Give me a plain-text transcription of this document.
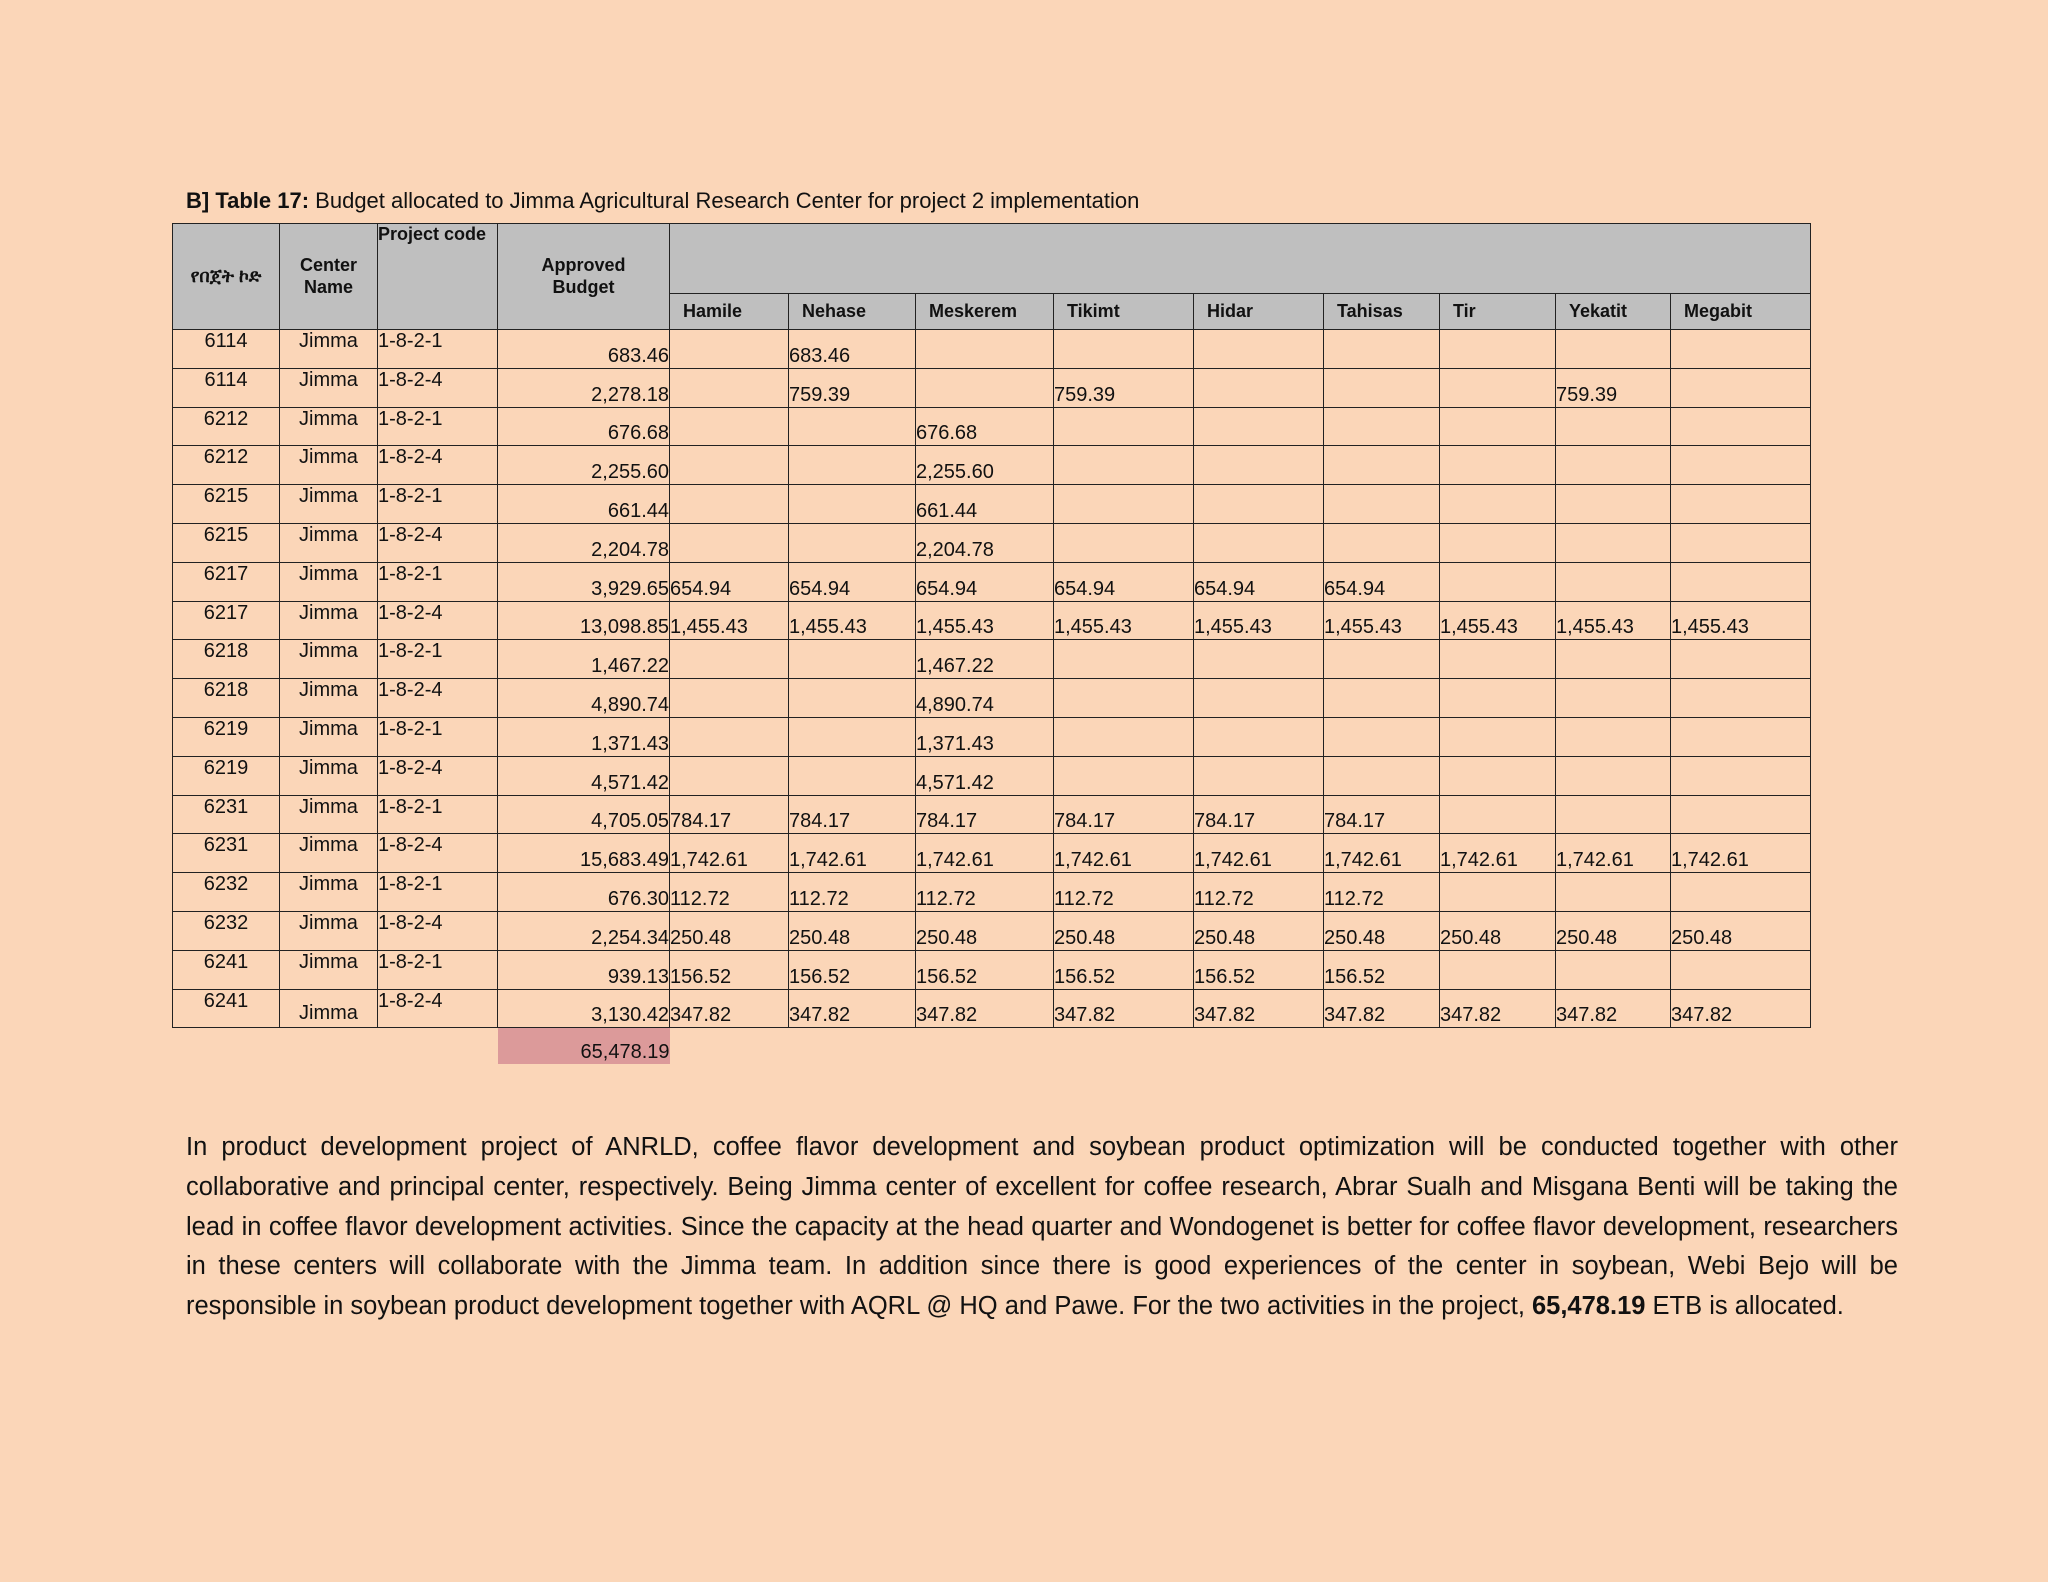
B] Table 17: Budget allocated to Jimma Agricultural Research Center for project 2 implementation
የበጀት ኮድ	Center Name	Project code	Approved Budget									
				Hamile	Nehase	Meskerem	Tikimt	Hidar	Tahisas	Tir	Yekatit	Megabit
6114	Jimma	1-8-2-1	683.46		683.46							
6114	Jimma	1-8-2-4	2,278.18		759.39		759.39				759.39	
6212	Jimma	1-8-2-1	676.68			676.68						
6212	Jimma	1-8-2-4	2,255.60			2,255.60						
6215	Jimma	1-8-2-1	661.44			661.44						
6215	Jimma	1-8-2-4	2,204.78			2,204.78						
6217	Jimma	1-8-2-1	3,929.65	654.94	654.94	654.94	654.94	654.94	654.94			
6217	Jimma	1-8-2-4	13,098.85	1,455.43	1,455.43	1,455.43	1,455.43	1,455.43	1,455.43	1,455.43	1,455.43	1,455.43
6218	Jimma	1-8-2-1	1,467.22			1,467.22						
6218	Jimma	1-8-2-4	4,890.74			4,890.74						
6219	Jimma	1-8-2-1	1,371.43			1,371.43						
6219	Jimma	1-8-2-4	4,571.42			4,571.42						
6231	Jimma	1-8-2-1	4,705.05	784.17	784.17	784.17	784.17	784.17	784.17			
6231	Jimma	1-8-2-4	15,683.49	1,742.61	1,742.61	1,742.61	1,742.61	1,742.61	1,742.61	1,742.61	1,742.61	1,742.61
6232	Jimma	1-8-2-1	676.30	112.72	112.72	112.72	112.72	112.72	112.72			
6232	Jimma	1-8-2-4	2,254.34	250.48	250.48	250.48	250.48	250.48	250.48	250.48	250.48	250.48
6241	Jimma	1-8-2-1	939.13	156.52	156.52	156.52	156.52	156.52	156.52			
6241	Jimma	1-8-2-4	3,130.42	347.82	347.82	347.82	347.82	347.82	347.82	347.82	347.82	347.82
			65,478.19									
In product development project of ANRLD, coffee flavor development and soybean product optimization will be conducted together with other collaborative and principal center, respectively. Being Jimma center of excellent for coffee research, Abrar Sualh and Misgana Benti will be taking the lead in coffee flavor development activities. Since the capacity at the head quarter and Wondogenet is better for coffee flavor development, researchers in these centers will collaborate with the Jimma team. In addition since there is good experiences of the center in soybean, Webi Bejo will be responsible in soybean product development together with AQRL @ HQ and Pawe. For the two activities in the project, 65,478.19 ETB is allocated.
